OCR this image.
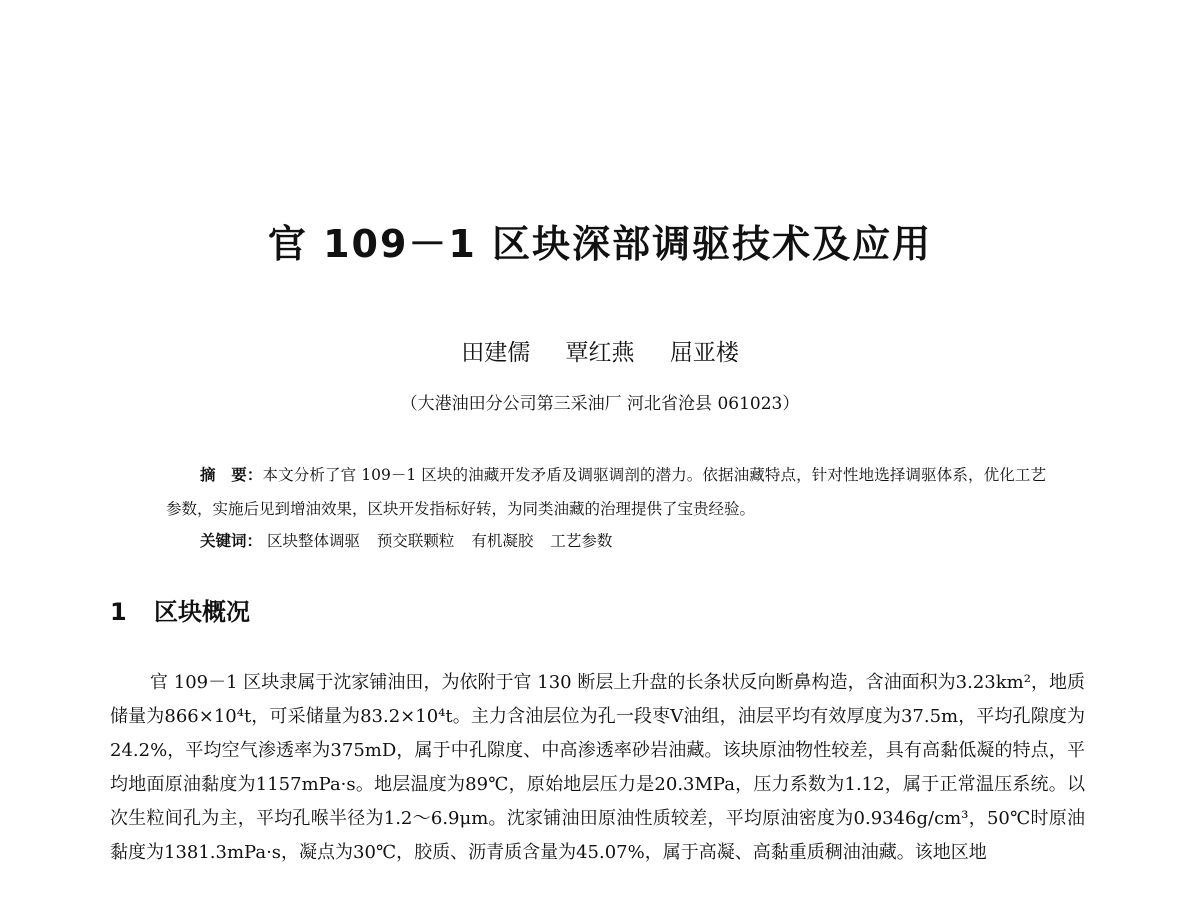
官 109－1 区块深部调驱技术及应用
田建儒 覃红燕 屈亚楼
（大港油田分公司第三采油厂 河北省沧县 061023）
摘　要：本文分析了官 109－1 区块的油藏开发矛盾及调驱调剖的潜力。依据油藏特点，针对性地选择调驱体系，优化工艺参数，实施后见到增油效果，区块开发指标好转，为同类油藏的治理提供了宝贵经验。
关键词： 区块整体调驱 预交联颗粒 有机凝胶 工艺参数
1 区块概况

官 109－1 区块隶属于沈家铺油田，为依附于官 130 断层上升盘的长条状反向断鼻构造，含油面积为3.23km²，地质储量为866×10⁴t，可采储量为83.2×10⁴t。主力含油层位为孔一段枣Ⅴ油组，油层平均有效厚度为37.5m，平均孔隙度为24.2%，平均空气渗透率为375mD，属于中孔隙度、中高渗透率砂岩油藏。该块原油物性较差，具有高黏低凝的特点，平均地面原油黏度为1157mPa·s。地层温度为89℃，原始地层压力是20.3MPa，压力系数为1.12，属于正常温压系统。以次生粒间孔为主，平均孔喉半径为1.2～6.9μm。沈家铺油田原油性质较差，平均原油密度为0.9346g/cm³，50℃时原油黏度为1381.3mPa·s，凝点为30℃，胶质、沥青质含量为45.07%，属于高凝、高黏重质稠油油藏。该地区地
